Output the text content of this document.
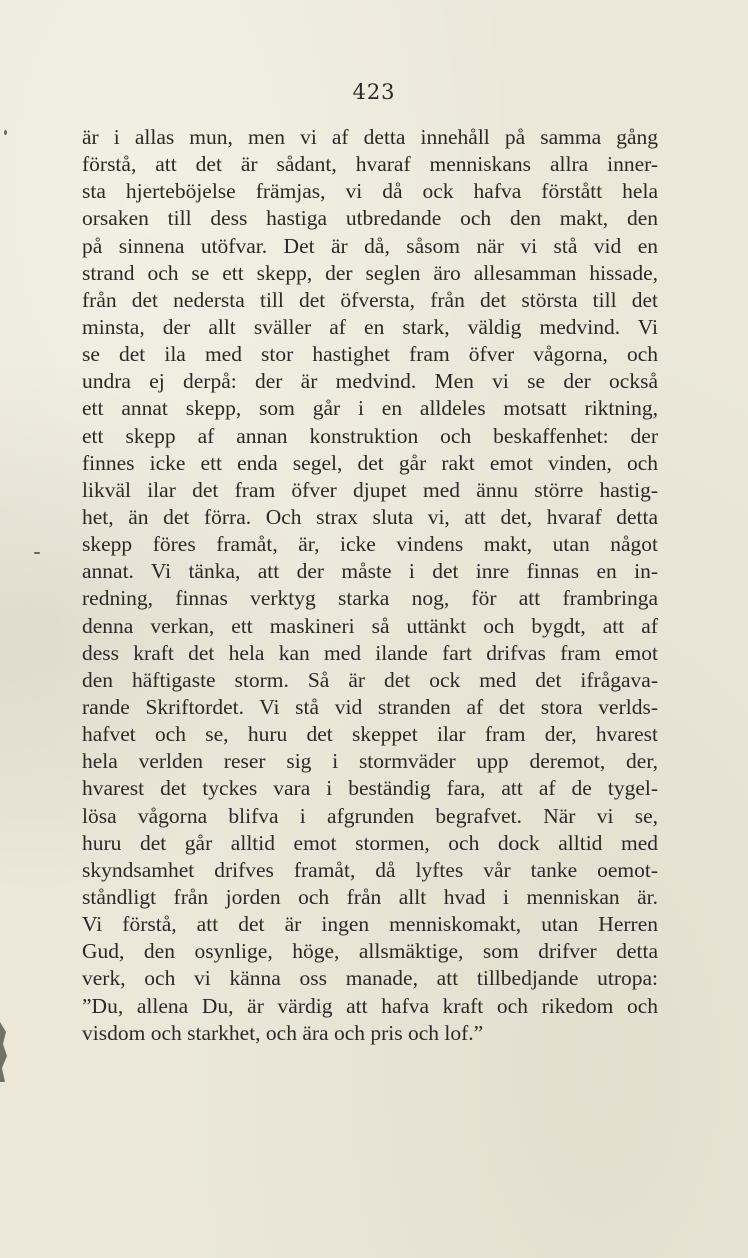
423
är i allas mun, men vi af detta innehåll på samma gång
förstå, att det är sådant, hvaraf menniskans allra inner-
sta hjerteböjelse främjas, vi då ock hafva förstått hela
orsaken till dess hastiga utbredande och den makt, den
på sinnena utöfvar. Det är då, såsom när vi stå vid en
strand och se ett skepp, der seglen äro allesamman hissade,
från det nedersta till det öfversta, från det största till det
minsta, der allt sväller af en stark, väldig medvind. Vi
se det ila med stor hastighet fram öfver vågorna, och
undra ej derpå: der är medvind. Men vi se der också
ett annat skepp, som går i en alldeles motsatt riktning,
ett skepp af annan konstruktion och beskaffenhet: der
finnes icke ett enda segel, det går rakt emot vinden, och
likväl ilar det fram öfver djupet med ännu större hastig-
het, än det förra. Och strax sluta vi, att det, hvaraf detta
skepp föres framåt, är, icke vindens makt, utan något
annat. Vi tänka, att der måste i det inre finnas en in-
redning, finnas verktyg starka nog, för att frambringa
denna verkan, ett maskineri så uttänkt och bygdt, att af
dess kraft det hela kan med ilande fart drifvas fram emot
den häftigaste storm. Så är det ock med det ifrågava-
rande Skriftordet. Vi stå vid stranden af det stora verlds-
hafvet och se, huru det skeppet ilar fram der, hvarest
hela verlden reser sig i stormväder upp deremot, der,
hvarest det tyckes vara i beständig fara, att af de tygel-
lösa vågorna blifva i afgrunden begrafvet. När vi se,
huru det går alltid emot stormen, och dock alltid med
skyndsamhet drifves framåt, då lyftes vår tanke oemot-
ståndligt från jorden och från allt hvad i menniskan är.
Vi förstå, att det är ingen menniskomakt, utan Herren
Gud, den osynlige, höge, allsmäktige, som drifver detta
verk, och vi känna oss manade, att tillbedjande utropa:
”Du, allena Du, är värdig att hafva kraft och rikedom och
visdom och starkhet, och ära och pris och lof.”
